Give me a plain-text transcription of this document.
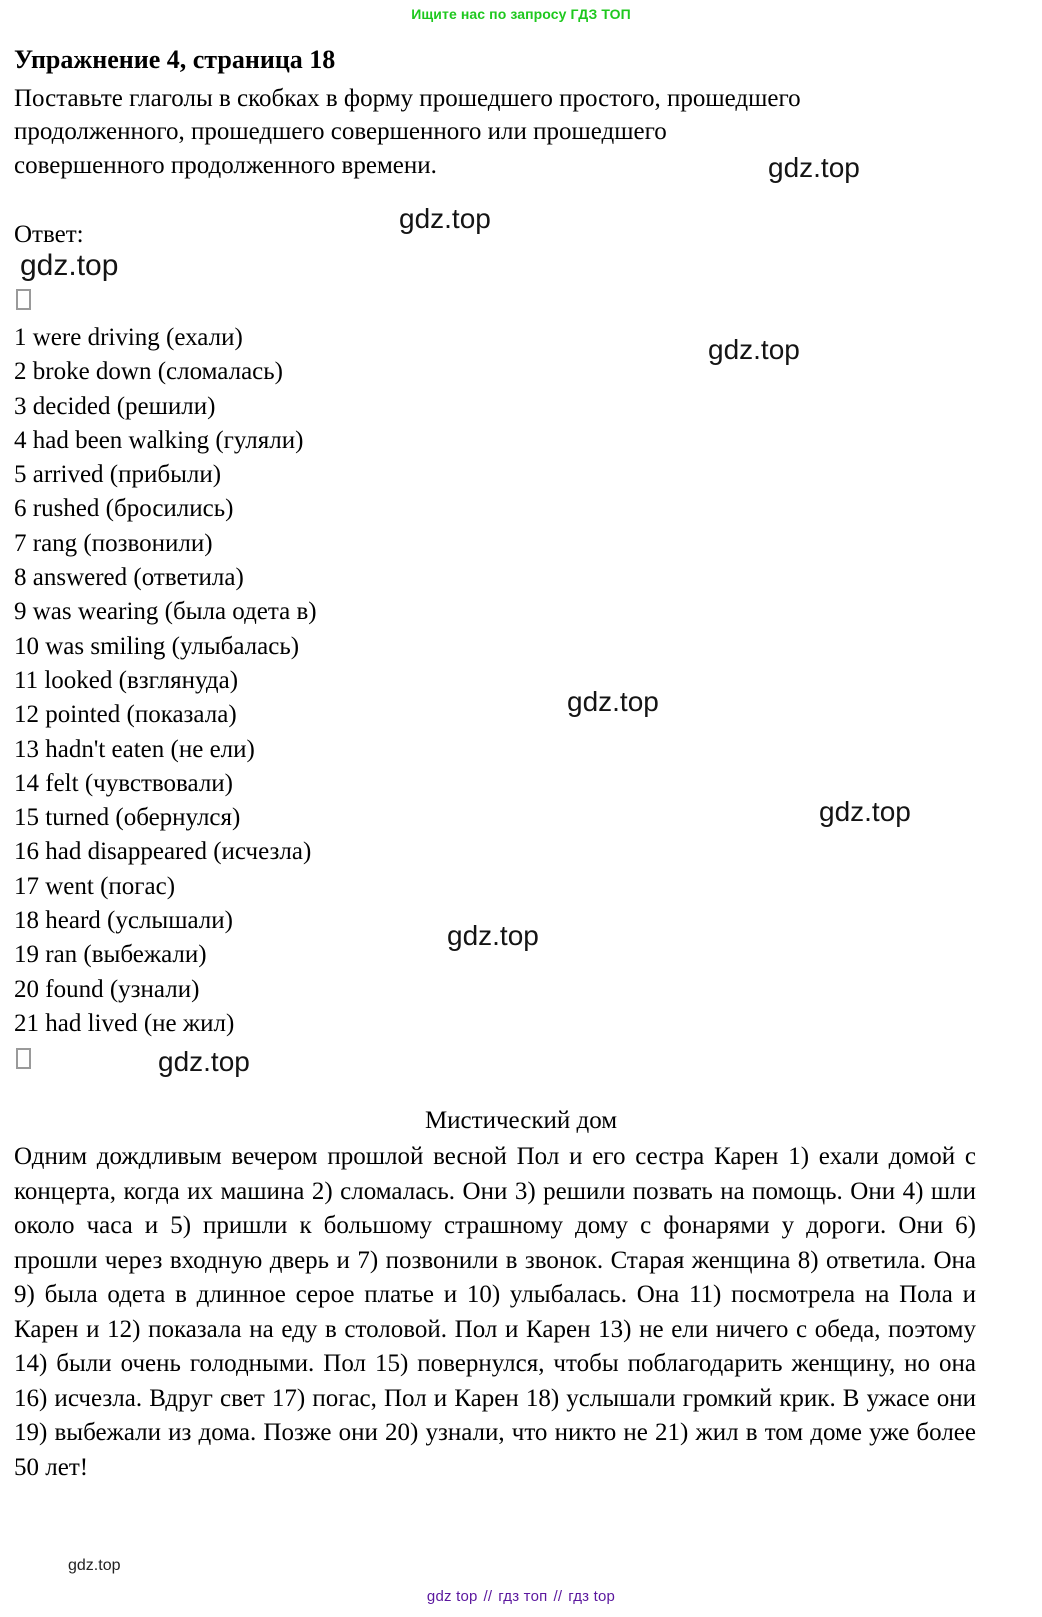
Ищите нас по запросу ГДЗ ТОП
Упражнение 4, страница 18
Поставьте глаголы в скобках в форму прошедшего простого, прошедшего
продолженного, прошедшего совершенного или прошедшего
совершенного продолженного времени.
Ответ:
gdz.top
gdz.top
gdz.top
gdz.top
gdz.top
gdz.top
gdz.top
gdz.top
gdz.top
1 were driving (ехали)
2 broke down (сломалась)
3 decided (решили)
4 had been walking (гуляли)
5 arrived (прибыли)
6 rushed (бросились)
7 rang (позвонили)
8 answered (ответила)
9 was wearing (была одета в)
10 was smiling (улыбалась)
11 looked (взглянуда)
12 pointed (показала)
13 hadn't eaten (не ели)
14 felt (чувствовали)
15 turned (обернулся)
16 had disappeared (исчезла)
17 went (погас)
18 heard (услышали)
19 ran (выбежали)
20 found (узнали)
21 had lived (не жил)
Мистический дом

Одним дождливым вечером прошлой весной Пол и его сестра Карен 1) ехали домой с концерта, когда их машина 2) сломалась. Они 3) решили позвать на помощь. Они 4) шли около часа и 5) пришли к большому страшному дому с фонарями у дороги. Они 6) прошли через входную дверь и 7) позвонили в звонок. Старая женщина 8) ответила. Она 9) была одета в длинное серое платье и 10) улыбалась. Она 11) посмотрела на Пола и Карен и 12) показала на еду в столовой. Пол и Карен 13) не ели ничего с обеда, поэтому 14) были очень голодными. Пол 15) повернулся, чтобы поблагодарить женщину, но она 16) исчезла. Вдруг свет 17) погас, Пол и Карен 18) услышали громкий крик. В ужасе они 19) выбежали из дома. Позже они 20) узнали, что никто не 21) жил в том доме уже более 50 лет!

gdz top // гдз топ // гдз top
